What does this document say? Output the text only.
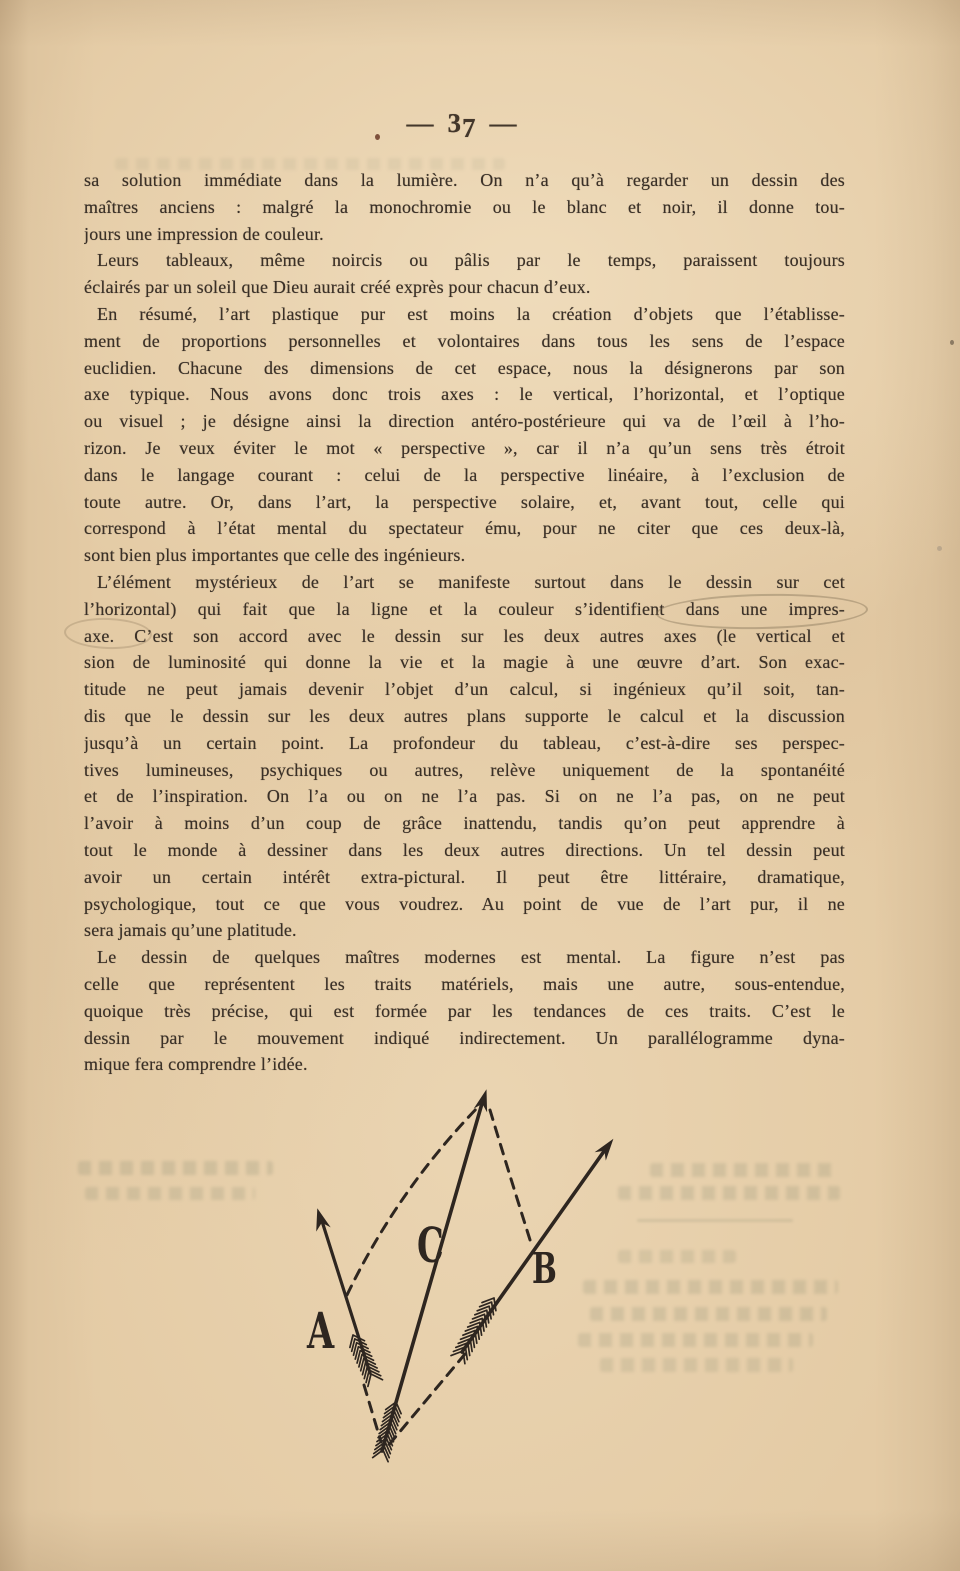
— 37 —
sa solution immédiate dans la lumière. On n’a qu’à regarder un dessin des
maîtres anciens : malgré la monochromie ou le blanc et noir, il donne tou-
jours une impression de couleur.
Leurs tableaux, même noircis ou pâlis par le temps, paraissent toujours
éclairés par un soleil que Dieu aurait créé exprès pour chacun d’eux.
En résumé, l’art plastique pur est moins la création d’objets que l’établisse-
ment de proportions personnelles et volontaires dans tous les sens de l’espace
euclidien. Chacune des dimensions de cet espace, nous la désignerons par son
axe typique. Nous avons donc trois axes : le vertical, l’horizontal, et l’optique
ou visuel ; je désigne ainsi la direction antéro-postérieure qui va de l’œil à l’ho-
rizon. Je veux éviter le mot « perspective », car il n’a qu’un sens très étroit
dans le langage courant : celui de la perspective linéaire, à l’exclusion de
toute autre. Or, dans l’art, la perspective solaire, et, avant tout, celle qui
correspond à l’état mental du spectateur ému, pour ne citer que ces deux-là,
sont bien plus importantes que celle des ingénieurs.
L’élément mystérieux de l’art se manifeste surtout dans le dessin sur cet
l’horizontal) qui fait que la ligne et la couleur s’identifient dans une impres-
axe. C’est son accord avec le dessin sur les deux autres axes (le vertical et
sion de luminosité qui donne la vie et la magie à une œuvre d’art. Son exac-
titude ne peut jamais devenir l’objet d’un calcul, si ingénieux qu’il soit, tan-
dis que le dessin sur les deux autres plans supporte le calcul et la discussion
jusqu’à un certain point. La profondeur du tableau, c’est-à-dire ses perspec-
tives lumineuses, psychiques ou autres, relève uniquement de la spontanéité
et de l’inspiration. On l’a ou on ne l’a pas. Si on ne l’a pas, on ne peut
l’avoir à moins d’un coup de grâce inattendu, tandis qu’on peut apprendre à
tout le monde à dessiner dans les deux autres directions. Un tel dessin peut
avoir un certain intérêt extra-pictural. Il peut être littéraire, dramatique,
psychologique, tout ce que vous voudrez. Au point de vue de l’art pur, il ne
sera jamais qu’une platitude.
Le dessin de quelques maîtres modernes est mental. La figure n’est pas
celle que représentent les traits matériels, mais une autre, sous-entendue,
quoique très précise, qui est formée par les tendances de ces traits. C’est le
dessin par le mouvement indiqué indirectement. Un parallélogramme dyna-
mique fera comprendre l’idée.
A
C B
